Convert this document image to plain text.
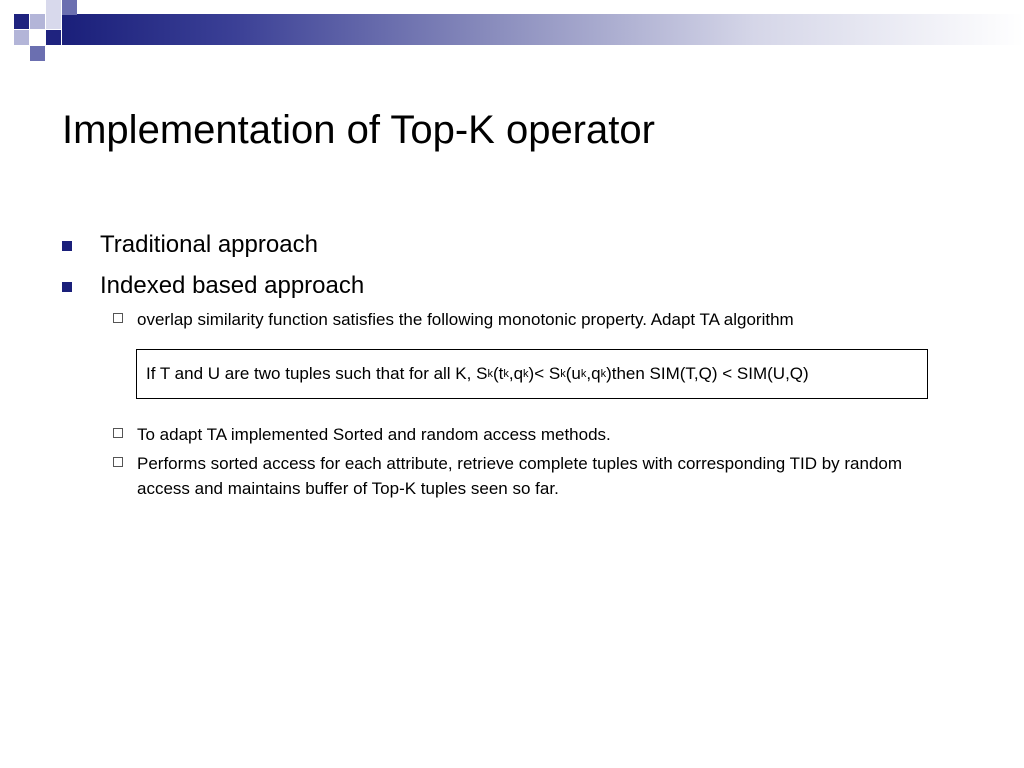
Implementation of Top-K operator
Traditional approach
Indexed based approach
overlap similarity function satisfies the following monotonic property. Adapt TA algorithm
If T and U are two tuples such that for all K, S k ( t k , q k ) < S k ( u k , q k ) then SIM(T,Q) < SIM(U,Q)
To adapt TA implemented Sorted and random access methods.
Performs sorted access for each attribute, retrieve complete tuples with corresponding TID by random access and maintains buffer of Top-K tuples seen so far.
